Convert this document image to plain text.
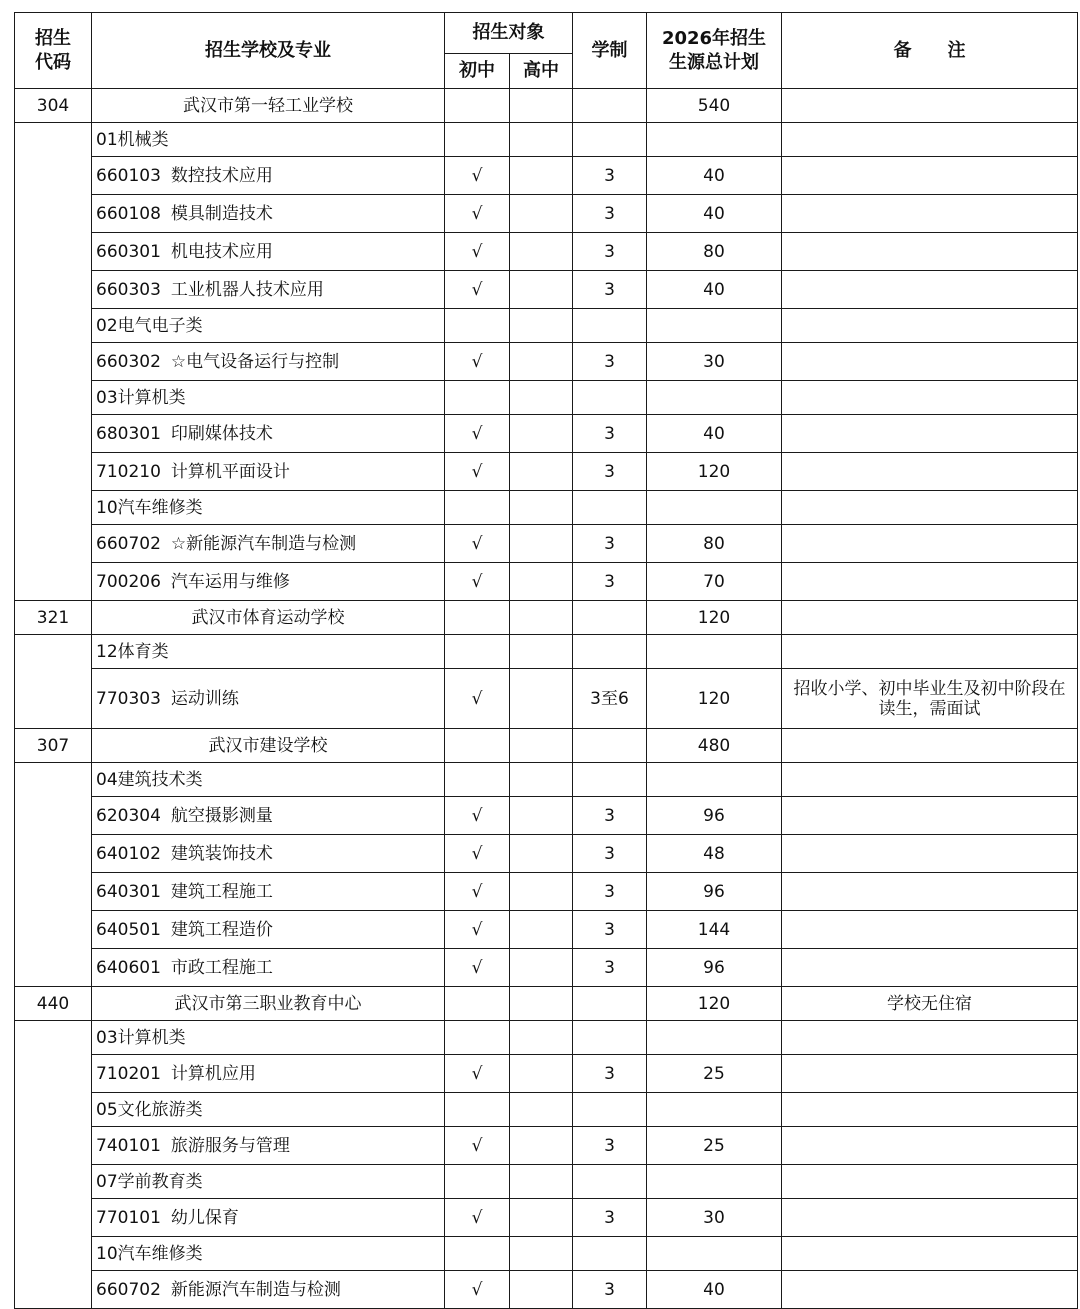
招生代码	招生学校及专业	招生对象		学制	2026年招生生源总计划	备　　注
		初中	高中			
304	武汉市第一轻工业学校				540	
	01机械类					
	660103 数控技术应用	√		3	40	
	660108 模具制造技术	√		3	40	
	660301 机电技术应用	√		3	80	
	660303 工业机器人技术应用	√		3	40	
	02电气电子类					
	660302 ☆电气设备运行与控制	√		3	30	
	03计算机类					
	680301 印刷媒体技术	√		3	40	
	710210 计算机平面设计	√		3	120	
	10汽车维修类					
	660702 ☆新能源汽车制造与检测	√		3	80	
	700206 汽车运用与维修	√		3	70	
321	武汉市体育运动学校				120	
	12体育类					
	770303 运动训练	√		3至6	120	招收小学、初中毕业生及初中阶段在读生，需面试
307	武汉市建设学校				480	
	04建筑技术类					
	620304 航空摄影测量	√		3	96	
	640102 建筑装饰技术	√		3	48	
	640301 建筑工程施工	√		3	96	
	640501 建筑工程造价	√		3	144	
	640601 市政工程施工	√		3	96	
440	武汉市第三职业教育中心				120	学校无住宿
	03计算机类					
	710201 计算机应用	√		3	25	
	05文化旅游类					
	740101 旅游服务与管理	√		3	25	
	07学前教育类					
	770101 幼儿保育	√		3	30	
	10汽车维修类					
	660702 新能源汽车制造与检测	√		3	40	
